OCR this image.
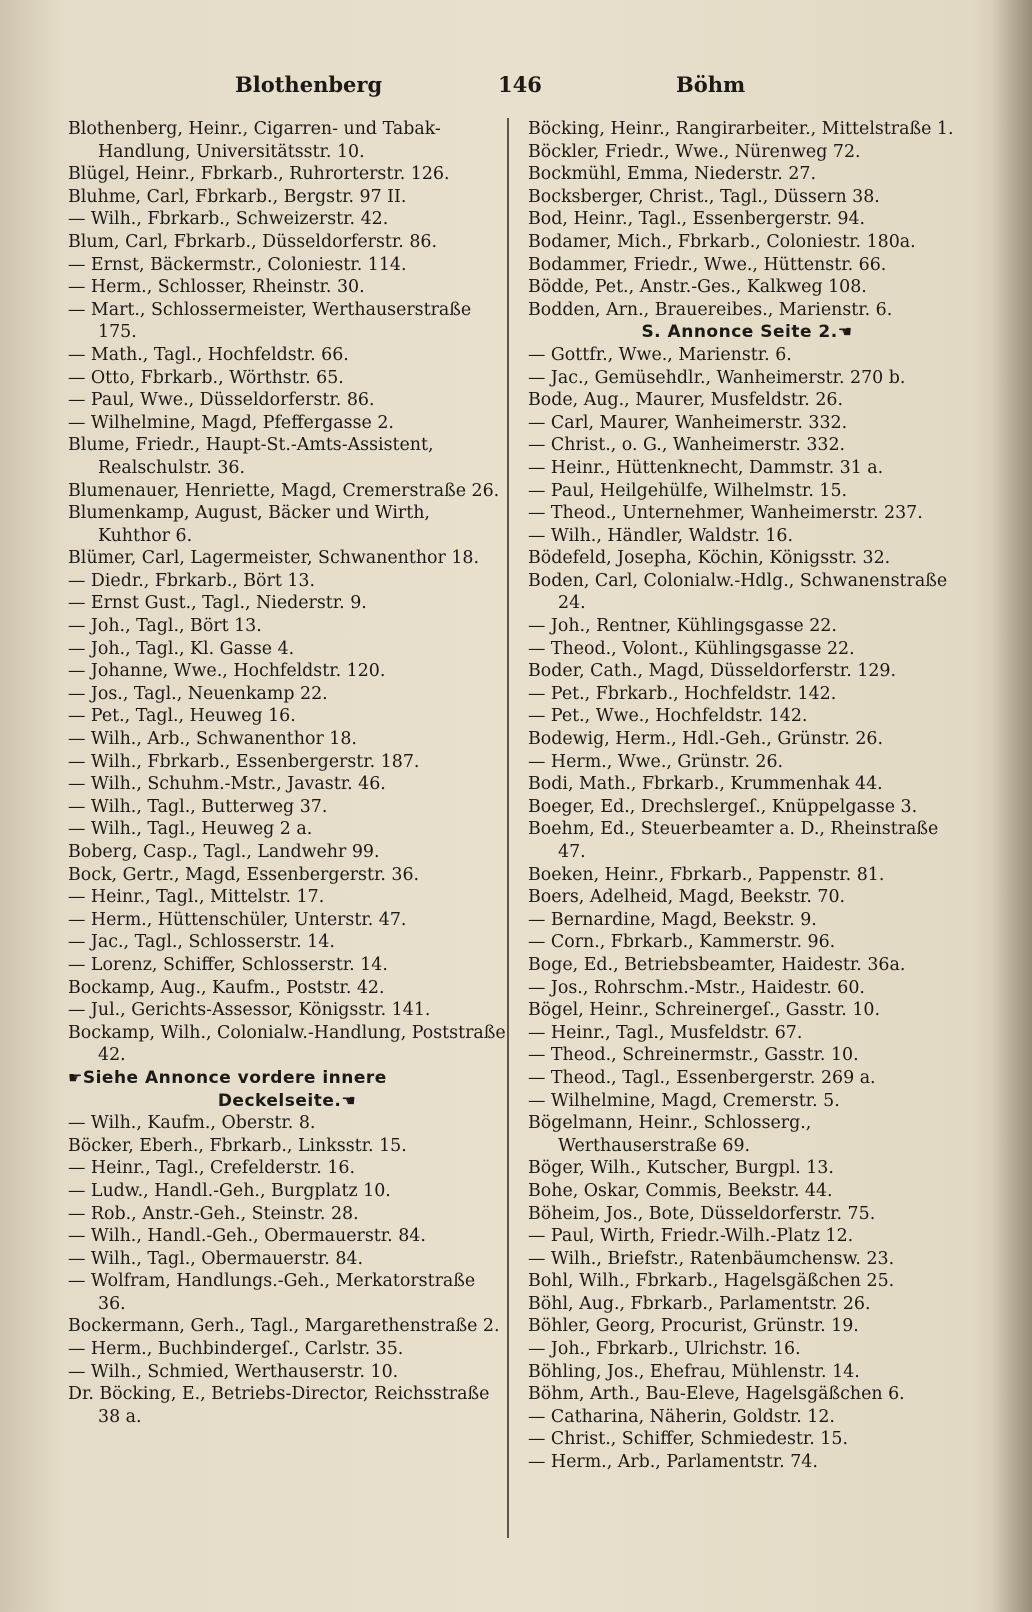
Blothenberg	146	Böhm

Blothenberg, Heinr., Cigarren- und Tabak-Handlung, Universitätsstr. 10.

Blügel, Heinr., Fbrkarb., Ruhrorterstr. 126.

Bluhme, Carl, Fbrkarb., Bergstr. 97 II.

— Wilh., Fbrkarb., Schweizerstr. 42.

Blum, Carl, Fbrkarb., Düsseldorferstr. 86.

— Ernst, Bäckermstr., Coloniestr. 114.

— Herm., Schlosser, Rheinstr. 30.

— Mart., Schlossermeister, Werthauserstraße 175.

— Math., Tagl., Hochfeldstr. 66.

— Otto, Fbrkarb., Wörthstr. 65.

— Paul, Wwe., Düsseldorferstr. 86.

— Wilhelmine, Magd, Pfeffergasse 2.

Blume, Friedr., Haupt-St.-Amts-Assistent, Realschulstr. 36.

Blumenauer, Henriette, Magd, Cremerstraße 26.

Blumenkamp, August, Bäcker und Wirth, Kuhthor 6.

Blümer, Carl, Lagermeister, Schwanenthor 18.

— Diedr., Fbrkarb., Bört 13.

— Ernst Gust., Tagl., Niederstr. 9.

— Joh., Tagl., Bört 13.

— Joh., Tagl., Kl. Gasse 4.

— Johanne, Wwe., Hochfeldstr. 120.

— Jos., Tagl., Neuenkamp 22.

— Pet., Tagl., Heuweg 16.

— Wilh., Arb., Schwanenthor 18.

— Wilh., Fbrkarb., Essenbergerstr. 187.

— Wilh., Schuhm.-Mstr., Javastr. 46.

— Wilh., Tagl., Butterweg 37.

— Wilh., Tagl., Heuweg 2 a.

Boberg, Casp., Tagl., Landwehr 99.

Bock, Gertr., Magd, Essenbergerstr. 36.

— Heinr., Tagl., Mittelstr. 17.

— Herm., Hüttenschüler, Unterstr. 47.

— Jac., Tagl., Schlosserstr. 14.

— Lorenz, Schiffer, Schlosserstr. 14.

Bockamp, Aug., Kaufm., Poststr. 42.

— Jul., Gerichts-Assessor, Königsstr. 141.

Bockamp, Wilh., Colonialw.-Handlung, Poststraße 42.

☛Siehe Annonce vordere innere

Deckelseite.☚

— Wilh., Kaufm., Oberstr. 8.

Böcker, Eberh., Fbrkarb., Linksstr. 15.

— Heinr., Tagl., Crefelderstr. 16.

— Ludw., Handl.-Geh., Burgplatz 10.

— Rob., Anstr.-Geh., Steinstr. 28.

— Wilh., Handl.-Geh., Obermauerstr. 84.

— Wilh., Tagl., Obermauerstr. 84.

— Wolfram, Handlungs.-Geh., Merkatorstraße 36.

Bockermann, Gerh., Tagl., Margarethenstraße 2.

— Herm., Buchbindergeſ., Carlstr. 35.

— Wilh., Schmied, Werthauserstr. 10.

Dr. Böcking, E., Betriebs-Director, Reichsstraße 38 a.

Böcking, Heinr., Rangirarbeiter., Mittelstraße 1.

Böckler, Friedr., Wwe., Nürenweg 72.

Bockmühl, Emma, Niederstr. 27.

Bocksberger, Christ., Tagl., Düssern 38.

Bod, Heinr., Tagl., Essenbergerstr. 94.

Bodamer, Mich., Fbrkarb., Coloniestr. 180a.

Bodammer, Friedr., Wwe., Hüttenstr. 66.

Bödde, Pet., Anstr.-Ges., Kalkweg 108.

Bodden, Arn., Brauereibes., Marienstr. 6.

S. Annonce Seite 2.☚

— Gottfr., Wwe., Marienstr. 6.

— Jac., Gemüsehdlr., Wanheimerstr. 270 b.

Bode, Aug., Maurer, Musfeldstr. 26.

— Carl, Maurer, Wanheimerstr. 332.

— Christ., o. G., Wanheimerstr. 332.

— Heinr., Hüttenknecht, Dammstr. 31 a.

— Paul, Heilgehülfe, Wilhelmstr. 15.

— Theod., Unternehmer, Wanheimerstr. 237.

— Wilh., Händler, Waldstr. 16.

Bödefeld, Josepha, Köchin, Königsstr. 32.

Boden, Carl, Colonialw.-Hdlg., Schwanenstraße 24.

— Joh., Rentner, Kühlingsgasse 22.

— Theod., Volont., Kühlingsgasse 22.

Boder, Cath., Magd, Düsseldorferstr. 129.

— Pet., Fbrkarb., Hochfeldstr. 142.

— Pet., Wwe., Hochfeldstr. 142.

Bodewig, Herm., Hdl.-Geh., Grünstr. 26.

— Herm., Wwe., Grünstr. 26.

Bodi, Math., Fbrkarb., Krummenhak 44.

Boeger, Ed., Drechslergeſ., Knüppelgasse 3.

Boehm, Ed., Steuerbeamter a. D., Rheinstraße 47.

Boeken, Heinr., Fbrkarb., Pappenstr. 81.

Boers, Adelheid, Magd, Beekstr. 70.

— Bernardine, Magd, Beekstr. 9.

— Corn., Fbrkarb., Kammerstr. 96.

Boge, Ed., Betriebsbeamter, Haidestr. 36a.

— Jos., Rohrschm.-Mstr., Haidestr. 60.

Bögel, Heinr., Schreinergeſ., Gasstr. 10.

— Heinr., Tagl., Musfeldstr. 67.

— Theod., Schreinermstr., Gasstr. 10.

— Theod., Tagl., Essenbergerstr. 269 a.

— Wilhelmine, Magd, Cremerstr. 5.

Bögelmann, Heinr., Schlosserg., Werthauserstraße 69.

Böger, Wilh., Kutscher, Burgpl. 13.

Bohe, Oskar, Commis, Beekstr. 44.

Böheim, Jos., Bote, Düsseldorferstr. 75.

— Paul, Wirth, Friedr.-Wilh.-Platz 12.

— Wilh., Briefstr., Ratenbäumchensw. 23.

Bohl, Wilh., Fbrkarb., Hagelsgäßchen 25.

Böhl, Aug., Fbrkarb., Parlamentstr. 26.

Böhler, Georg, Procurist, Grünstr. 19.

— Joh., Fbrkarb., Ulrichstr. 16.

Böhling, Jos., Ehefrau, Mühlenstr. 14.

Böhm, Arth., Bau-Eleve, Hagelsgäßchen 6.

— Catharina, Näherin, Goldstr. 12.

— Christ., Schiffer, Schmiedestr. 15.

— Herm., Arb., Parlamentstr. 74.
